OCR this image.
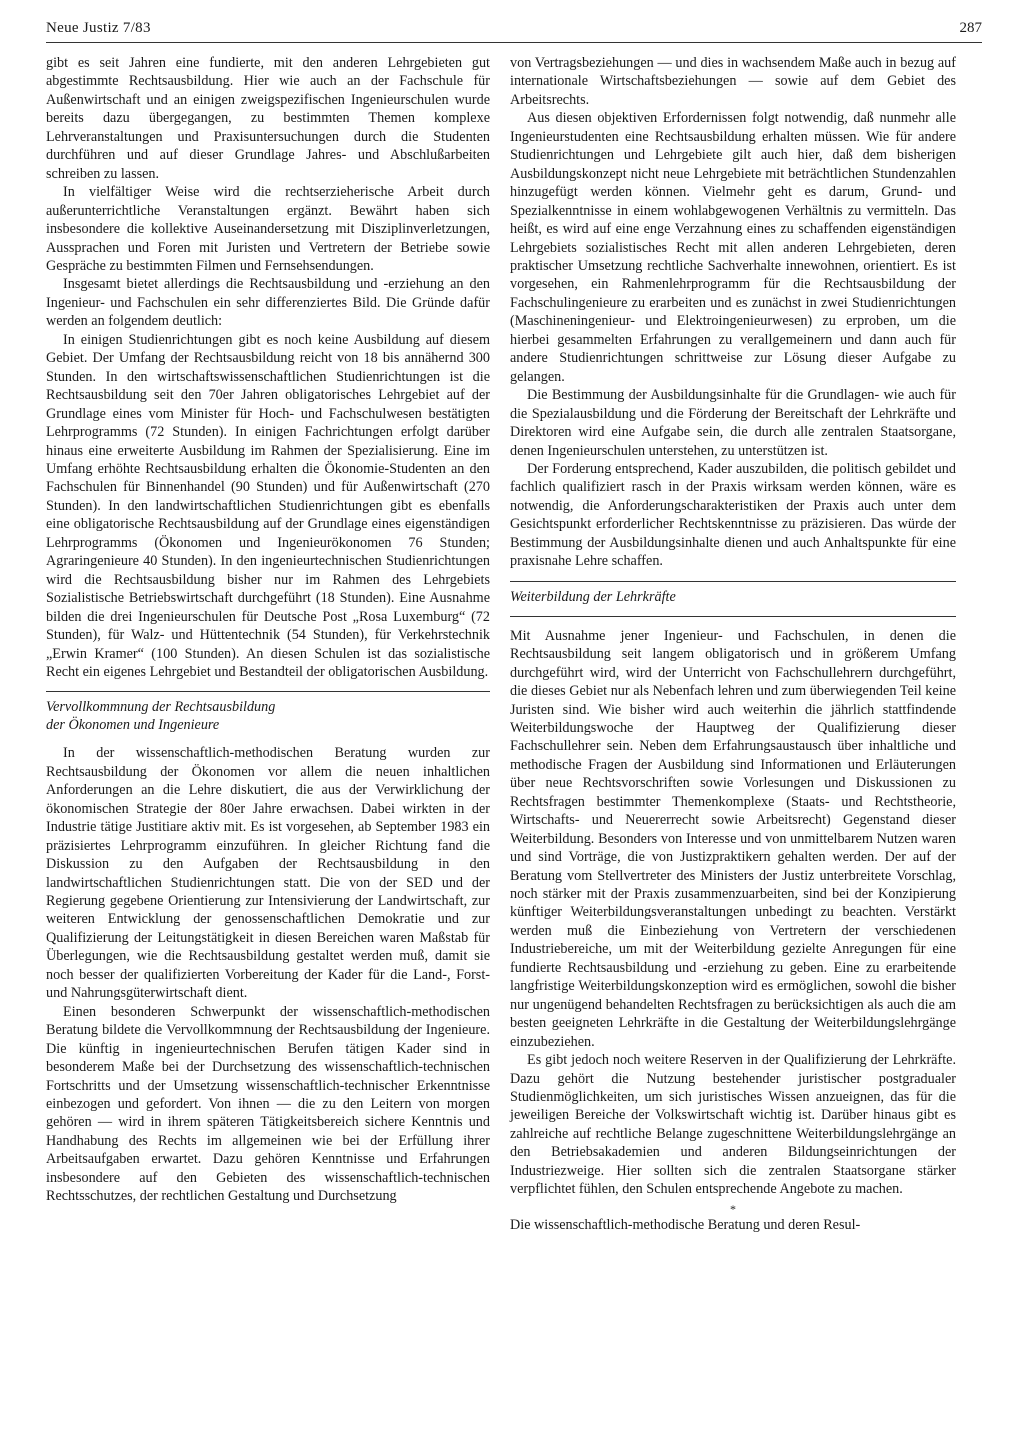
Neue Justiz 7/83	287

gibt es seit Jahren eine fundierte, mit den anderen Lehrgebieten gut abgestimmte Rechtsausbildung. Hier wie auch an der Fachschule für Außenwirtschaft und an einigen zweigspezifischen Ingenieurschulen wurde bereits dazu übergegangen, zu bestimmten Themen komplexe Lehrveranstaltungen und Praxisuntersuchungen durch die Studenten durchführen und auf dieser Grundlage Jahres- und Abschlußarbeiten schreiben zu lassen.

In vielfältiger Weise wird die rechtserzieherische Arbeit durch außerunterrichtliche Veranstaltungen ergänzt. Bewährt haben sich insbesondere die kollektive Auseinandersetzung mit Disziplinverletzungen, Aussprachen und Foren mit Juristen und Vertretern der Betriebe sowie Gespräche zu bestimmten Filmen und Fernsehsendungen.

Insgesamt bietet allerdings die Rechtsausbildung und -erziehung an den Ingenieur- und Fachschulen ein sehr differenziertes Bild. Die Gründe dafür werden an folgendem deutlich:

In einigen Studienrichtungen gibt es noch keine Ausbildung auf diesem Gebiet. Der Umfang der Rechtsausbildung reicht von 18 bis annähernd 300 Stunden. In den wirtschaftswissenschaftlichen Studienrichtungen ist die Rechtsausbildung seit den 70er Jahren obligatorisches Lehrgebiet auf der Grundlage eines vom Minister für Hoch- und Fachschulwesen bestätigten Lehrprogramms (72 Stunden). In einigen Fachrichtungen erfolgt darüber hinaus eine erweiterte Ausbildung im Rahmen der Spezialisierung. Eine im Umfang erhöhte Rechtsausbildung erhalten die Ökonomie-Studenten an den Fachschulen für Binnenhandel (90 Stunden) und für Außenwirtschaft (270 Stunden). In den landwirtschaftlichen Studienrichtungen gibt es ebenfalls eine obligatorische Rechtsausbildung auf der Grundlage eines eigenständigen Lehrprogramms (Ökonomen und Ingenieurökonomen 76 Stunden; Agraringenieure 40 Stunden). In den ingenieurtechnischen Studienrichtungen wird die Rechtsausbildung bisher nur im Rahmen des Lehrgebiets Sozialistische Betriebswirtschaft durchgeführt (18 Stunden). Eine Ausnahme bilden die drei Ingenieurschulen für Deutsche Post „Rosa Luxemburg“ (72 Stunden), für Walz- und Hüttentechnik (54 Stunden), für Verkehrstechnik „Erwin Kramer“ (100 Stunden). An diesen Schulen ist das sozialistische Recht ein eigenes Lehrgebiet und Bestandteil der obligatorischen Ausbildung.

Vervollkommnung der Rechtsausbildung
der Ökonomen und Ingenieure

In der wissenschaftlich-methodischen Beratung wurden zur Rechtsausbildung der Ökonomen vor allem die neuen inhaltlichen Anforderungen an die Lehre diskutiert, die aus der Verwirklichung der ökonomischen Strategie der 80er Jahre erwachsen. Dabei wirkten in der Industrie tätige Justitiare aktiv mit. Es ist vorgesehen, ab September 1983 ein präzisiertes Lehrprogramm einzuführen. In gleicher Richtung fand die Diskussion zu den Aufgaben der Rechtsausbildung in den landwirtschaftlichen Studienrichtungen statt. Die von der SED und der Regierung gegebene Orientierung zur Intensivierung der Landwirtschaft, zur weiteren Entwicklung der genossenschaftlichen Demokratie und zur Qualifizierung der Leitungstätigkeit in diesen Bereichen waren Maßstab für Überlegungen, wie die Rechtsausbildung gestaltet werden muß, damit sie noch besser der qualifizierten Vorbereitung der Kader für die Land-, Forst- und Nahrungsgüterwirtschaft dient.

Einen besonderen Schwerpunkt der wissenschaftlich-methodischen Beratung bildete die Vervollkommnung der Rechtsausbildung der Ingenieure. Die künftig in ingenieurtechnischen Berufen tätigen Kader sind in besonderem Maße bei der Durchsetzung des wissenschaftlich-technischen Fortschritts und der Umsetzung wissenschaftlich-technischer Erkenntnisse einbezogen und gefordert. Von ihnen — die zu den Leitern von morgen gehören — wird in ihrem späteren Tätigkeitsbereich sichere Kenntnis und Handhabung des Rechts im allgemeinen wie bei der Erfüllung ihrer Arbeitsaufgaben erwartet. Dazu gehören Kenntnisse und Erfahrungen insbesondere auf den Gebieten des wissenschaftlich-technischen Rechtsschutzes, der rechtlichen Gestaltung und Durchsetzung

von Vertragsbeziehungen — und dies in wachsendem Maße auch in bezug auf internationale Wirtschaftsbeziehungen — sowie auf dem Gebiet des Arbeitsrechts.

Aus diesen objektiven Erfordernissen folgt notwendig, daß nunmehr alle Ingenieurstudenten eine Rechtsausbildung erhalten müssen. Wie für andere Studienrichtungen und Lehrgebiete gilt auch hier, daß dem bisherigen Ausbildungskonzept nicht neue Lehrgebiete mit beträchtlichen Stundenzahlen hinzugefügt werden können. Vielmehr geht es darum, Grund- und Spezialkenntnisse in einem wohlabgewogenen Verhältnis zu vermitteln. Das heißt, es wird auf eine enge Verzahnung eines zu schaffenden eigenständigen Lehrgebiets sozialistisches Recht mit allen anderen Lehrgebieten, deren praktischer Umsetzung rechtliche Sachverhalte innewohnen, orientiert. Es ist vorgesehen, ein Rahmenlehrprogramm für die Rechtsausbildung der Fachschulingenieure zu erarbeiten und es zunächst in zwei Studienrichtungen (Maschineningenieur- und Elektroingenieurwesen) zu erproben, um die hierbei gesammelten Erfahrungen zu verallgemeinern und dann auch für andere Studienrichtungen schrittweise zur Lösung dieser Aufgabe zu gelangen.

Die Bestimmung der Ausbildungsinhalte für die Grundlagen- wie auch für die Spezialausbildung und die Förderung der Bereitschaft der Lehrkräfte und Direktoren wird eine Aufgabe sein, die durch alle zentralen Staatsorgane, denen Ingenieurschulen unterstehen, zu unterstützen ist.

Der Forderung entsprechend, Kader auszubilden, die politisch gebildet und fachlich qualifiziert rasch in der Praxis wirksam werden können, wäre es notwendig, die Anforderungscharakteristiken der Praxis auch unter dem Gesichtspunkt erforderlicher Rechtskenntnisse zu präzisieren. Das würde der Bestimmung der Ausbildungsinhalte dienen und auch Anhaltspunkte für eine praxisnahe Lehre schaffen.

Weiterbildung der Lehrkräfte

Mit Ausnahme jener Ingenieur- und Fachschulen, in denen die Rechtsausbildung seit langem obligatorisch und in größerem Umfang durchgeführt wird, wird der Unterricht von Fachschullehrern durchgeführt, die dieses Gebiet nur als Nebenfach lehren und zum überwiegenden Teil keine Juristen sind. Wie bisher wird auch weiterhin die jährlich stattfindende Weiterbildungswoche der Hauptweg der Qualifizierung dieser Fachschullehrer sein. Neben dem Erfahrungsaustausch über inhaltliche und methodische Fragen der Ausbildung sind Informationen und Erläuterungen über neue Rechtsvorschriften sowie Vorlesungen und Diskussionen zu Rechtsfragen bestimmter Themenkomplexe (Staats- und Rechtstheorie, Wirtschafts- und Neuererrecht sowie Arbeitsrecht) Gegenstand dieser Weiterbildung. Besonders von Interesse und von unmittelbarem Nutzen waren und sind Vorträge, die von Justizpraktikern gehalten werden. Der auf der Beratung vom Stellvertreter des Ministers der Justiz unterbreitete Vorschlag, noch stärker mit der Praxis zusammenzuarbeiten, sind bei der Konzipierung künftiger Weiterbildungsveranstaltungen unbedingt zu beachten. Verstärkt werden muß die Einbeziehung von Vertretern der verschiedenen Industriebereiche, um mit der Weiterbildung gezielte Anregungen für eine fundierte Rechtsausbildung und -erziehung zu geben. Eine zu erarbeitende langfristige Weiterbildungskonzeption wird es ermöglichen, sowohl die bisher nur ungenügend behandelten Rechtsfragen zu berücksichtigen als auch die am besten geeigneten Lehrkräfte in die Gestaltung der Weiterbildungslehrgänge einzubeziehen.

Es gibt jedoch noch weitere Reserven in der Qualifizierung der Lehrkräfte. Dazu gehört die Nutzung bestehender juristischer postgradualer Studienmöglichkeiten, um sich juristisches Wissen anzueignen, das für die jeweiligen Bereiche der Volkswirtschaft wichtig ist. Darüber hinaus gibt es zahlreiche auf rechtliche Belange zugeschnittene Weiterbildungslehrgänge an den Betriebsakademien und anderen Bildungseinrichtungen der Industriezweige. Hier sollten sich die zentralen Staatsorgane stärker verpflichtet fühlen, den Schulen entsprechende Angebote zu machen.

*

Die wissenschaftlich-methodische Beratung und deren Resul-
